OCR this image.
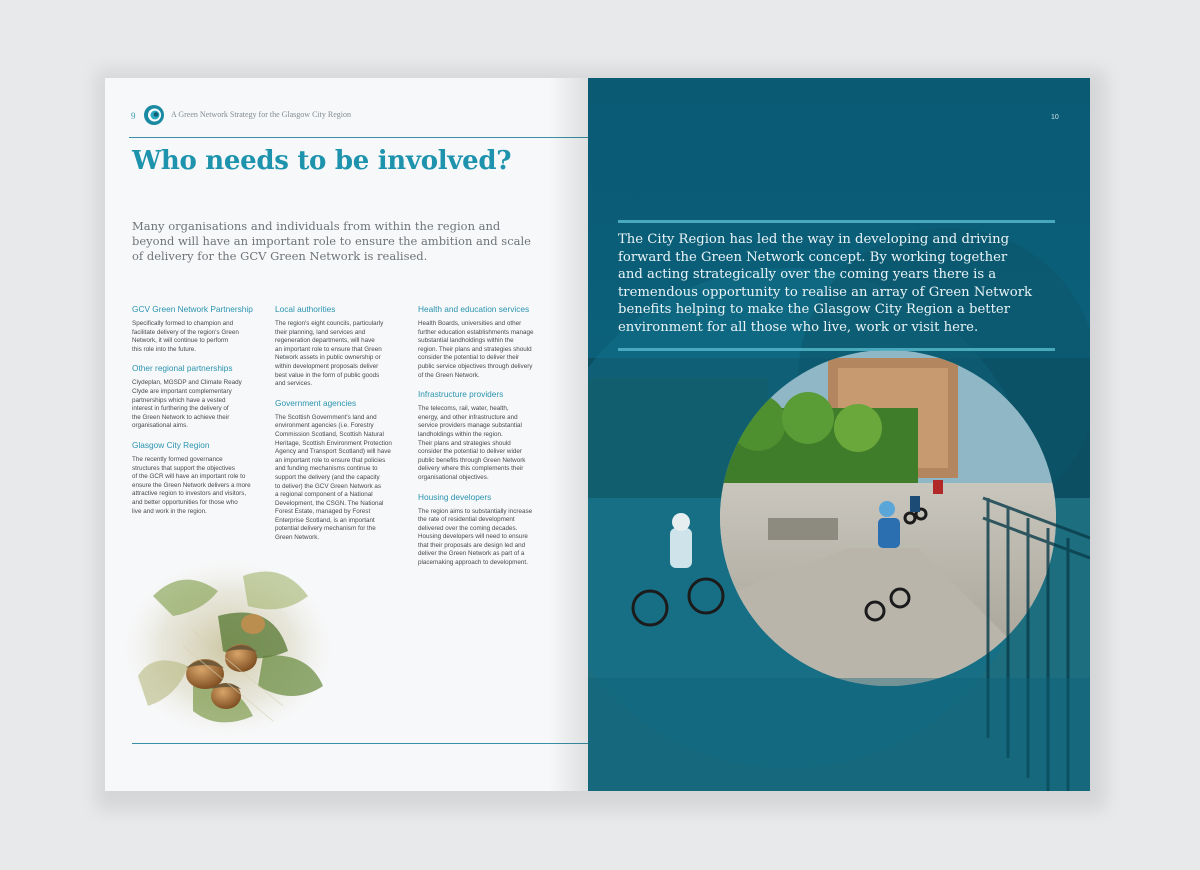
9	A Green Network Strategy for the Glasgow City Region
Who needs to be involved?

Many organisations and individuals from within the region and beyond will have an important role to ensure the ambition and scale of delivery for the GCV Green Network is realised.

GCV Green Network Partnership
Specifically formed to champion and
facilitate delivery of the region's Green
Network, it will continue to perform
this role into the future.
Other regional partnerships
Clydeplan, MGSDP and Climate Ready
Clyde are important complementary
partnerships which have a vested
interest in furthering the delivery of
the Green Network to achieve their
organisational aims.
Glasgow City Region
The recently formed governance
structures that support the objectives
of the GCR will have an important role to
ensure the Green Network delivers a more
attractive region to investors and visitors,
and better opportunities for those who
live and work in the region.
Local authorities
The region's eight councils, particularly
their planning, land services and
regeneration departments, will have
an important role to ensure that Green
Network assets in public ownership or
within development proposals deliver
best value in the form of public goods
and services.
Government agencies
The Scottish Government's land and
environment agencies (i.e. Forestry
Commission Scotland, Scottish Natural
Heritage, Scottish Environment Protection
Agency and Transport Scotland) will have
an important role to ensure that policies
and funding mechanisms continue to
support the delivery (and the capacity
to deliver) the GCV Green Network as
a regional component of a National
Development, the CSGN. The National
Forest Estate, managed by Forest
Enterprise Scotland, is an important
potential delivery mechanism for the
Green Network.
Health and education services
Health Boards, universities and other
further education establishments manage
substantial landholdings within the
region. Their plans and strategies should
consider the potential to deliver their
public service objectives through delivery
of the Green Network.
Infrastructure providers
The telecoms, rail, water, health,
energy, and other infrastructure and
service providers manage substantial
landholdings within the region.
Their plans and strategies should
consider the potential to deliver wider
public benefits through Green Network
delivery where this complements their
organisational objectives.
Housing developers
The region aims to substantially increase
the rate of residential development
delivered over the coming decades.
Housing developers will need to ensure
that their proposals are design led and
deliver the Green Network as part of a
placemaking approach to development.
10

The City Region has led the way in developing and driving
forward the Green Network concept. By working together
and acting strategically over the coming years there is a
tremendous opportunity to realise an array of Green Network
benefits helping to make the Glasgow City Region a better
environment for all those who live, work or visit here.
